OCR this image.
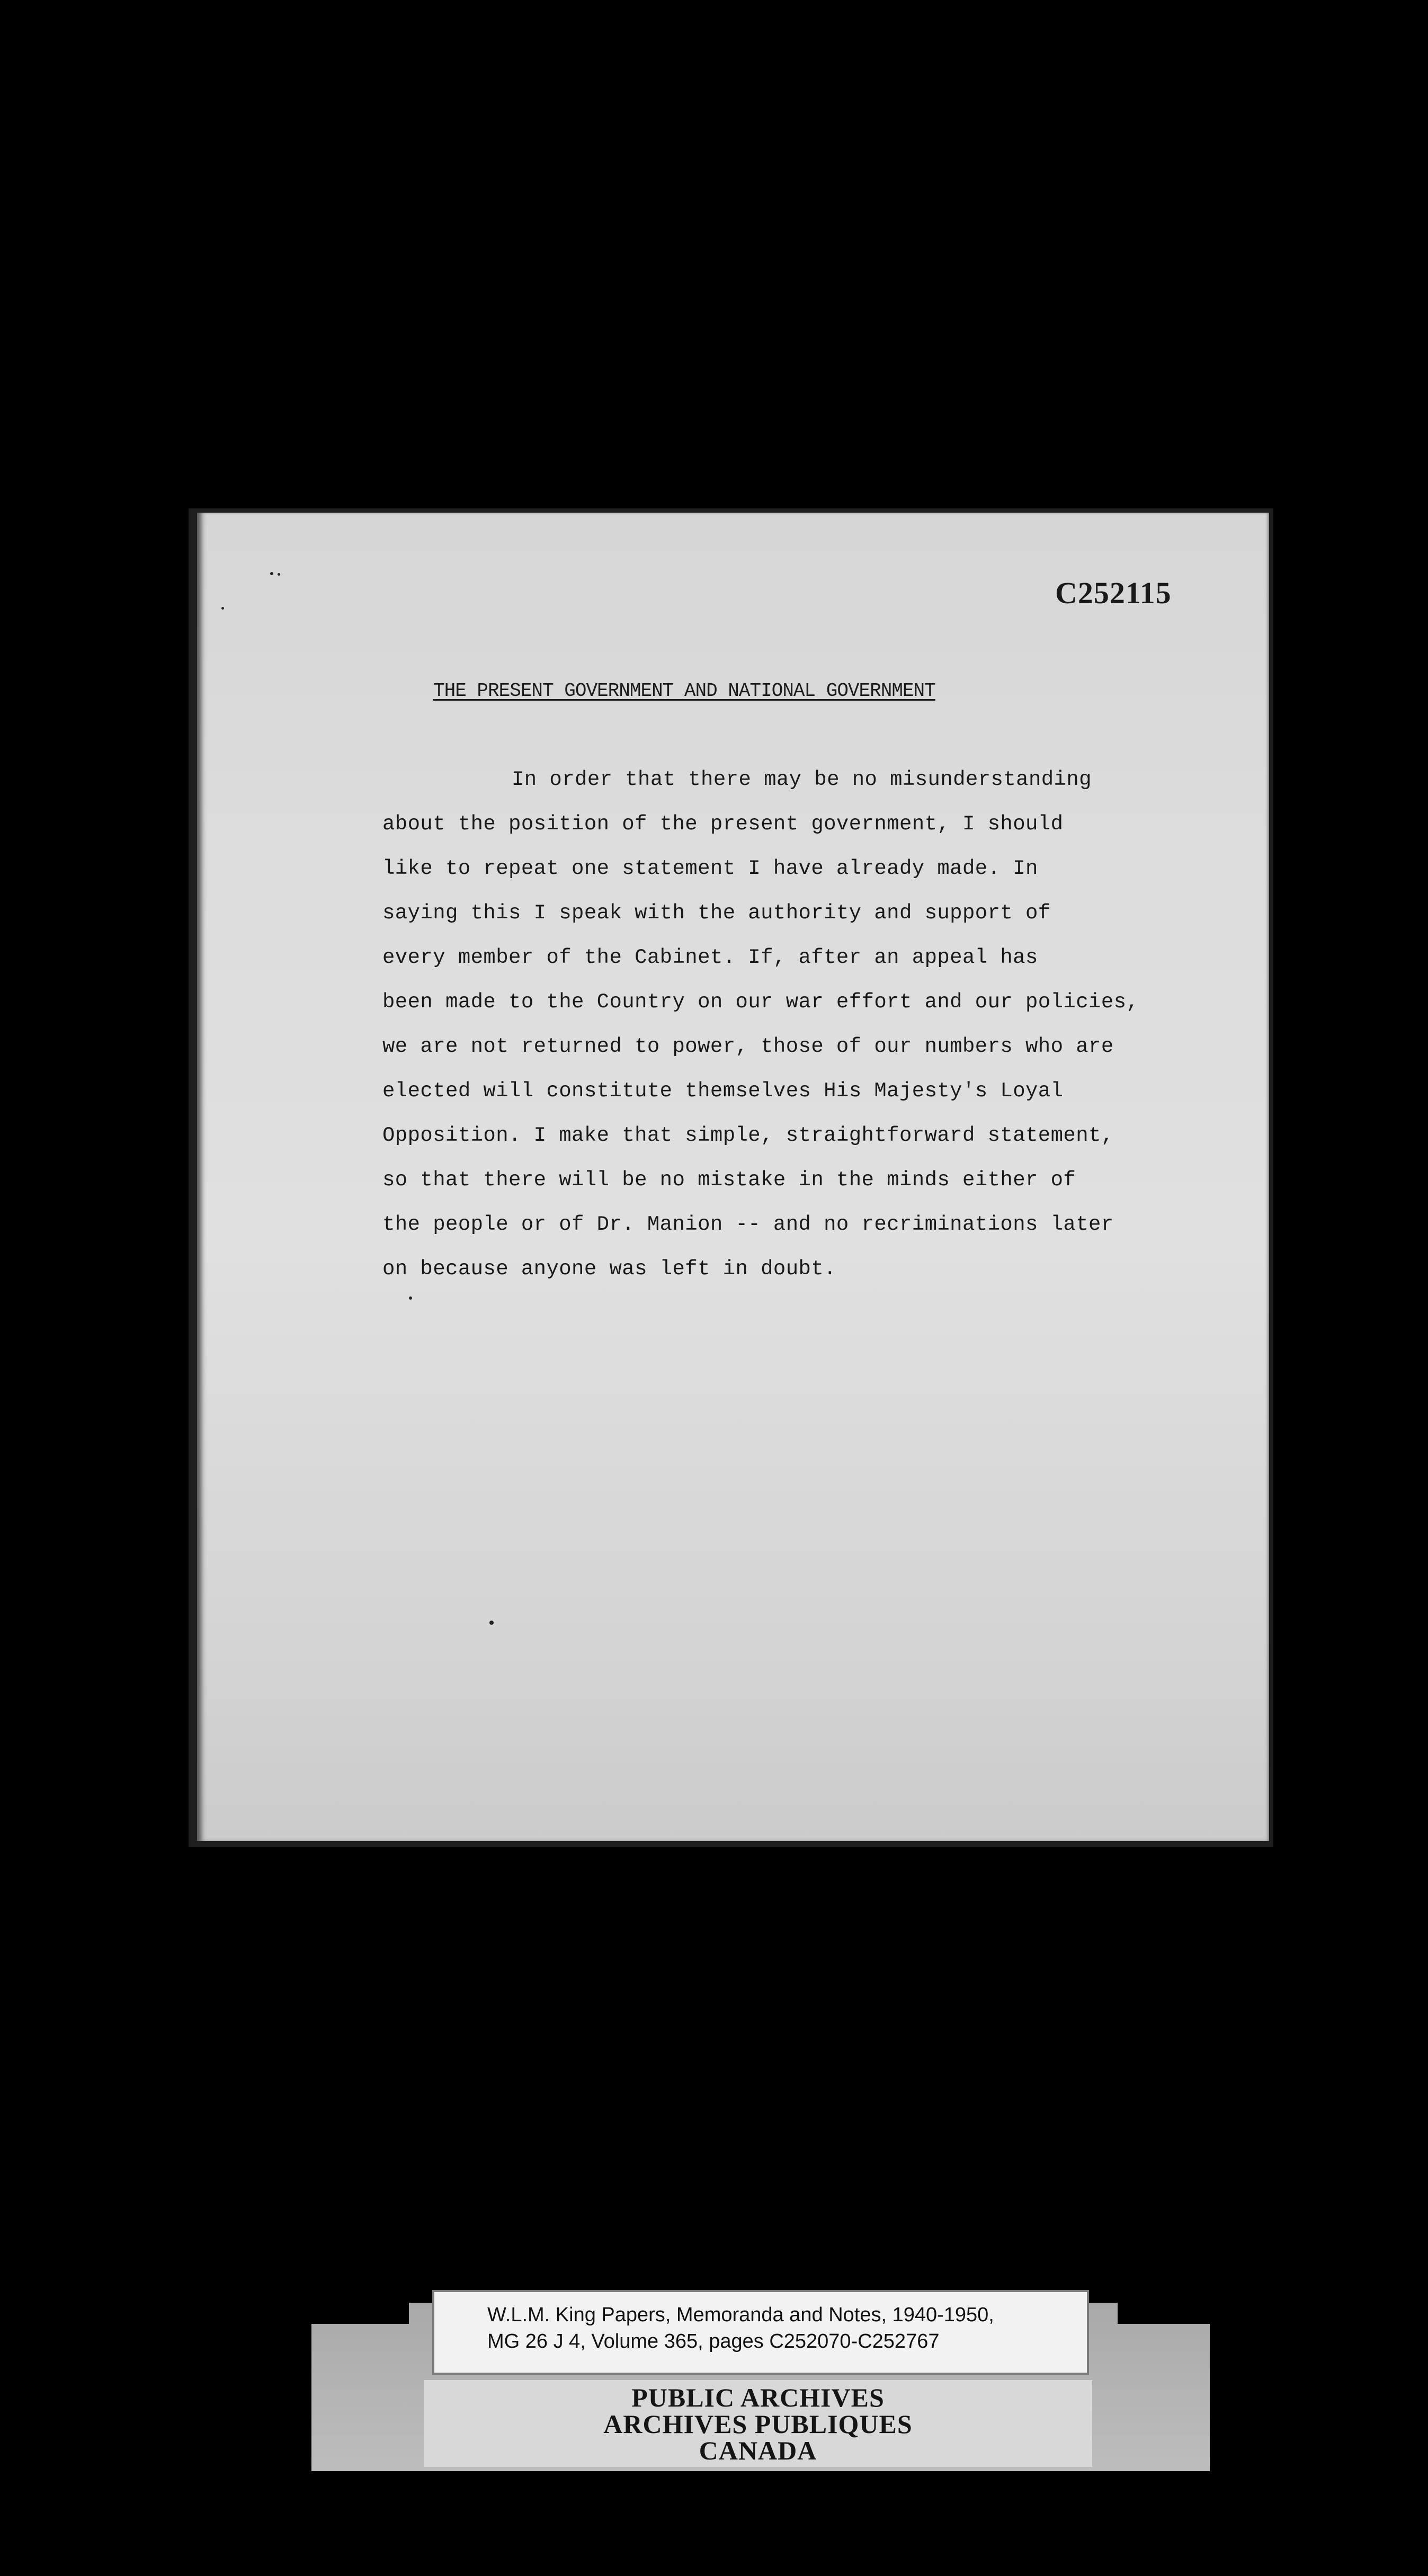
C252115
THE PRESENT GOVERNMENT AND NATIONAL GOVERNMENT
In order that there may be no misunderstanding
about the position of the present government, I should
like to repeat one statement I have already made. In
saying this I speak with the authority and support of
every member of the Cabinet. If, after an appeal has
been made to the Country on our war effort and our policies,
we are not returned to power, those of our numbers who are
elected will constitute themselves His Majesty's Loyal
Opposition. I make that simple, straightforward statement,
so that there will be no mistake in the minds either of
the people or of Dr. Manion -- and no recriminations later
on because anyone was left in doubt.
W.L.M. King Papers, Memoranda and Notes, 1940-1950,
MG 26 J 4, Volume 365, pages C252070-C252767
PUBLIC ARCHIVES
ARCHIVES PUBLIQUES
CANADA
